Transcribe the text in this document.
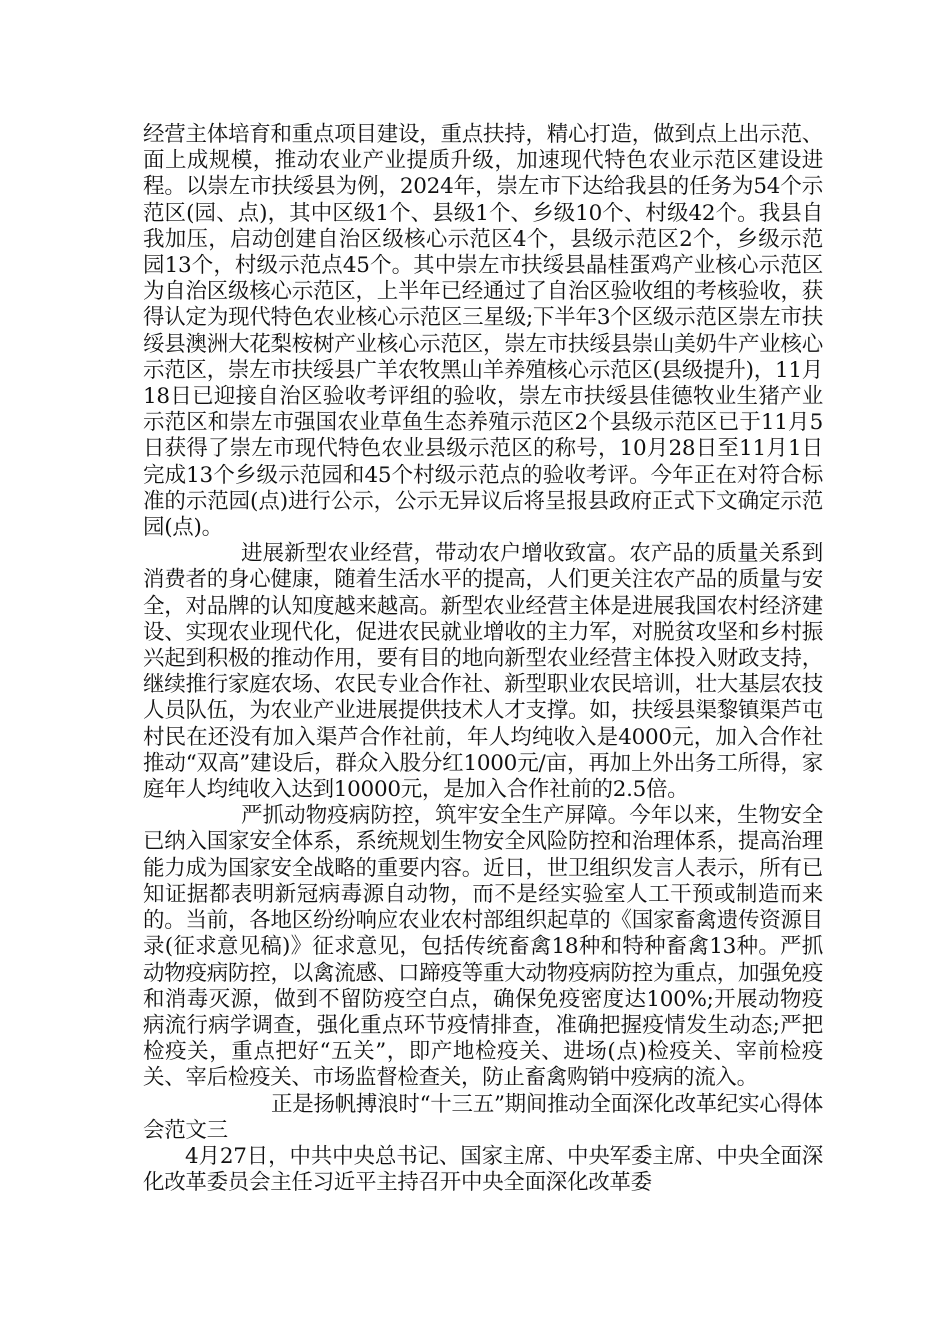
经营主体培育和重点项目建设，重点扶持，精心打造，做到点上出示范、面上成规模，推动农业产业提质升级，加速现代特色农业示范区建设进程。以崇左市扶绥县为例，2024年，崇左市下达给我县的任务为54个示范区(园、点)，其中区级1个、县级1个、乡级10个、村级42个。我县自我加压，启动创建自治区级核心示范区4个，县级示范区2个，乡级示范园13个，村级示范点45个。其中崇左市扶绥县晶桂蛋鸡产业核心示范区为自治区级核心示范区，上半年已经通过了自治区验收组的考核验收，获得认定为现代特色农业核心示范区三星级;下半年3个区级示范区崇左市扶绥县澳洲大花梨桉树产业核心示范区，崇左市扶绥县崇山美奶牛产业核心示范区，崇左市扶绥县广羊农牧黑山羊养殖核心示范区(县级提升)，11月18日已迎接自治区验收考评组的验收，崇左市扶绥县佳德牧业生猪产业示范区和崇左市强国农业草鱼生态养殖示范区2个县级示范区已于11月5日获得了崇左市现代特色农业县级示范区的称号，10月28日至11月1日完成13个乡级示范园和45个村级示范点的验收考评。今年正在对符合标准的示范园(点)进行公示，公示无异议后将呈报县政府正式下文确定示范园(点)。

进展新型农业经营，带动农户增收致富。农产品的质量关系到消费者的身心健康，随着生活水平的提高，人们更关注农产品的质量与安全，对品牌的认知度越来越高。新型农业经营主体是进展我国农村经济建设、实现农业现代化，促进农民就业增收的主力军，对脱贫攻坚和乡村振兴起到积极的推动作用，要有目的地向新型农业经营主体投入财政支持，继续推行家庭农场、农民专业合作社、新型职业农民培训，壮大基层农技人员队伍，为农业产业进展提供技术人才支撑。如，扶绥县渠黎镇渠芦屯村民在还没有加入渠芦合作社前，年人均纯收入是4000元，加入合作社推动“双高”建设后，群众入股分红1000元/亩，再加上外出务工所得，家庭年人均纯收入达到10000元，是加入合作社前的2.5倍。

严抓动物疫病防控，筑牢安全生产屏障。今年以来，生物安全已纳入国家安全体系，系统规划生物安全风险防控和治理体系，提高治理能力成为国家安全战略的重要内容。近日，世卫组织发言人表示，所有已知证据都表明新冠病毒源自动物，而不是经实验室人工干预或制造而来的。当前，各地区纷纷响应农业农村部组织起草的《国家畜禽遗传资源目录(征求意见稿)》征求意见，包括传统畜禽18种和特种畜禽13种。严抓动物疫病防控，以禽流感、口蹄疫等重大动物疫病防控为重点，加强免疫和消毒灭源，做到不留防疫空白点，确保免疫密度达100%;开展动物疫病流行病学调查，强化重点环节疫情排查，准确把握疫情发生动态;严把检疫关，重点把好“五关”，即产地检疫关、进场(点)检疫关、宰前检疫关、宰后检疫关、市场监督检查关，防止畜禽购销中疫病的流入。

正是扬帆搏浪时“十三五”期间推动全面深化改革纪实心得体会范文三

4月27日，中共中央总书记、国家主席、中央军委主席、中央全面深化改革委员会主任习近平主持召开中央全面深化改革委
